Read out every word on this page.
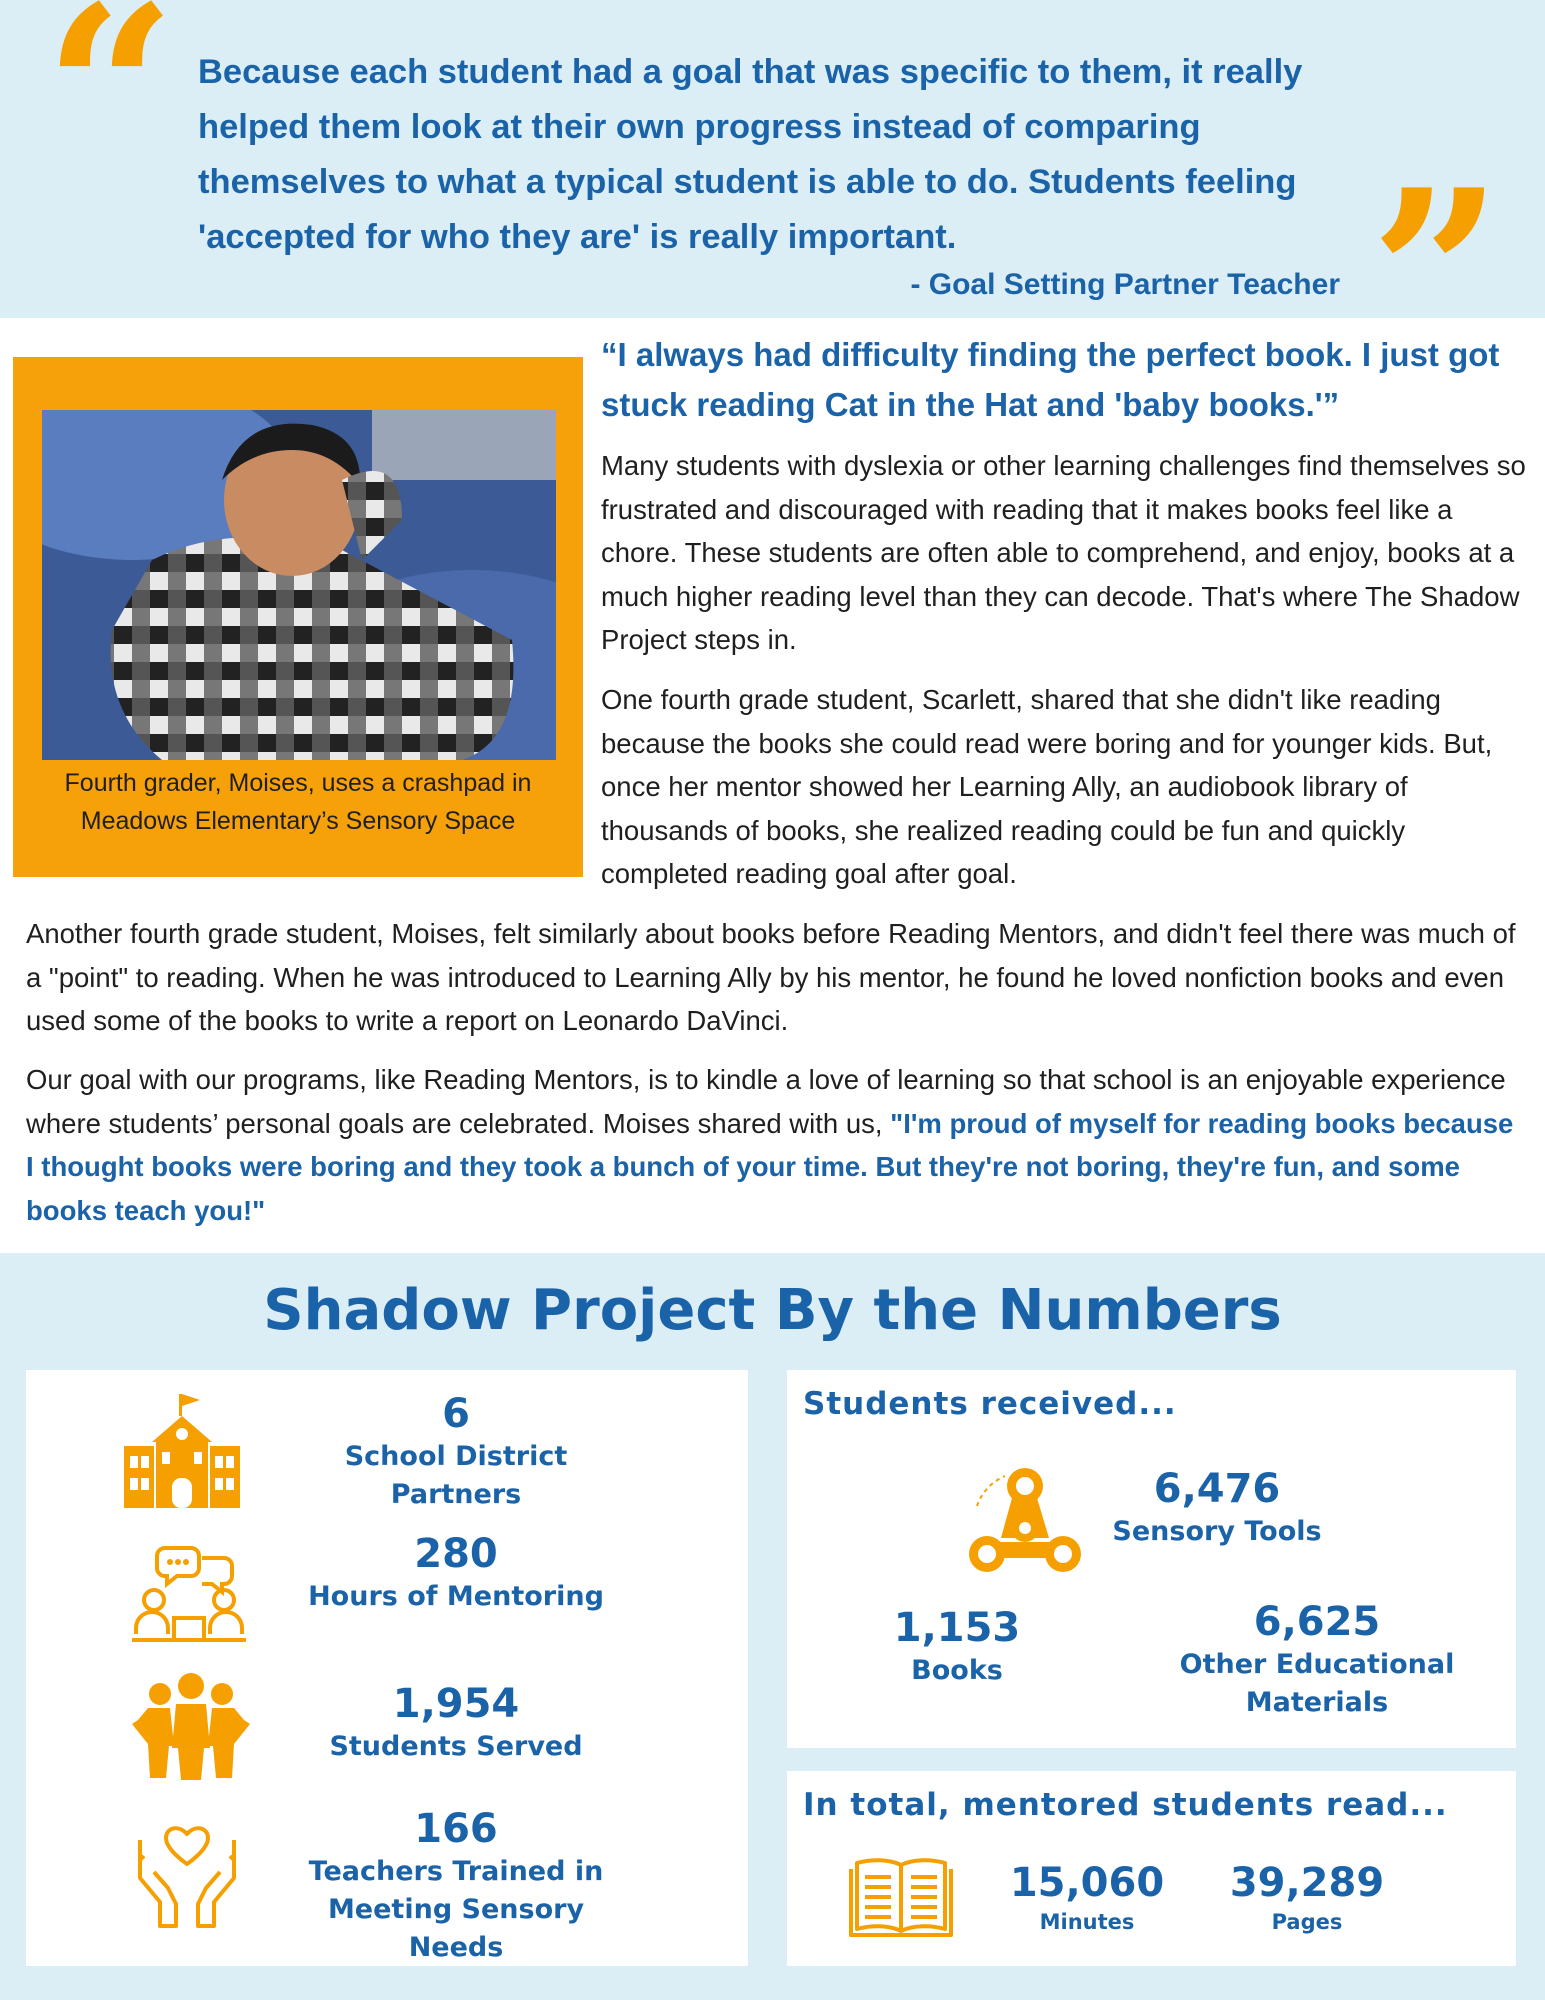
“ Because each student had a goal that was specific to them, it really helped them look at their own progress instead of comparing themselves to what a typical student is able to do. Students feeling 'accepted for who they are' is really important.	”
- Goal Setting Partner Teacher
Fourth grader, Moises, uses a crashpad in Meadows Elementary’s Sensory Space
“I always had difficulty finding the perfect book. I just got stuck reading Cat in the Hat and 'baby books.'”

Many students with dyslexia or other learning challenges find themselves so frustrated and discouraged with reading that it makes books feel like a chore. These students are often able to comprehend, and enjoy, books at a much higher reading level than they can decode. That's where The Shadow Project steps in.

One fourth grade student, Scarlett, shared that she didn't like reading because the books she could read were boring and for younger kids. But, once her mentor showed her Learning Ally, an audiobook library of thousands of books, she realized reading could be fun and quickly completed reading goal after goal.

Another fourth grade student, Moises, felt similarly about books before Reading Mentors, and didn't feel there was much of a "point" to reading. When he was introduced to Learning Ally by his mentor, he found he loved nonfiction books and even used some of the books to write a report on Leonardo DaVinci.

Our goal with our programs, like Reading Mentors, is to kindle a love of learning so that school is an enjoyable experience where students’ personal goals are celebrated. Moises shared with us, "I'm proud of myself for reading books because I thought books were boring and they took a bunch of your time. But they're not boring, they're fun, and some books teach you!"

Shadow Project By the Numbers
6
School District Partners
280
Hours of Mentoring
1,954
Students Served
166
Teachers Trained in Meeting Sensory Needs
Students received...
6,476
Sensory Tools
1,153
Books
6,625
Other Educational Materials
In total, mentored students read...
15,060
Minutes
39,289
Pages
